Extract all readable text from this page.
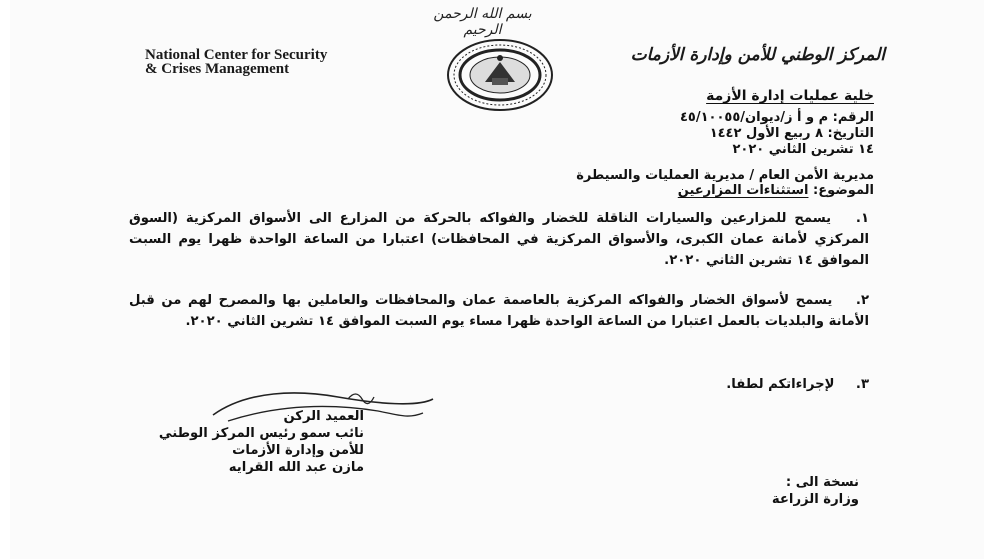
بسم الله الرحمن الرحيم
National Center for Security
& Crises Management
المركز الوطني للأمن وإدارة الأزمات
خلية عمليات إدارة الأزمة
الرقم: م و أ ز/ديوان/٤٥/١٠٠٥٥
التاريخ: ٨ ربيع الأول ١٤٤٢
١٤ تشرين الثاني ٢٠٢٠
مديرية الأمن العام / مديرية العمليات والسيطرة
الموضوع: استثناءات المزارعين
١. يسمح للمزارعين والسيارات الناقلة للخضار والفواكه بالحركة من المزارع الى الأسواق المركزية (السوق المركزي لأمانة عمان الكبرى، والأسواق المركزية في المحافظات) اعتبارا من الساعة الواحدة ظهرا يوم السبت الموافق ١٤ تشرين الثاني ٢٠٢٠.
٢. يسمح لأسواق الخضار والفواكه المركزية بالعاصمة عمان والمحافظات والعاملين بها والمصرح لهم من قبل الأمانة والبلديات بالعمل اعتبارا من الساعة الواحدة ظهرا مساء يوم السبت الموافق ١٤ تشرين الثاني ٢٠٢٠.
٣. لإجراءاتكم لطفا.
العميد الركن
نائب سمو رئيس المركز الوطني
للأمن وإدارة الأزمات
مازن عبد الله القرايه
نسخة الى :
وزارة الزراعة
